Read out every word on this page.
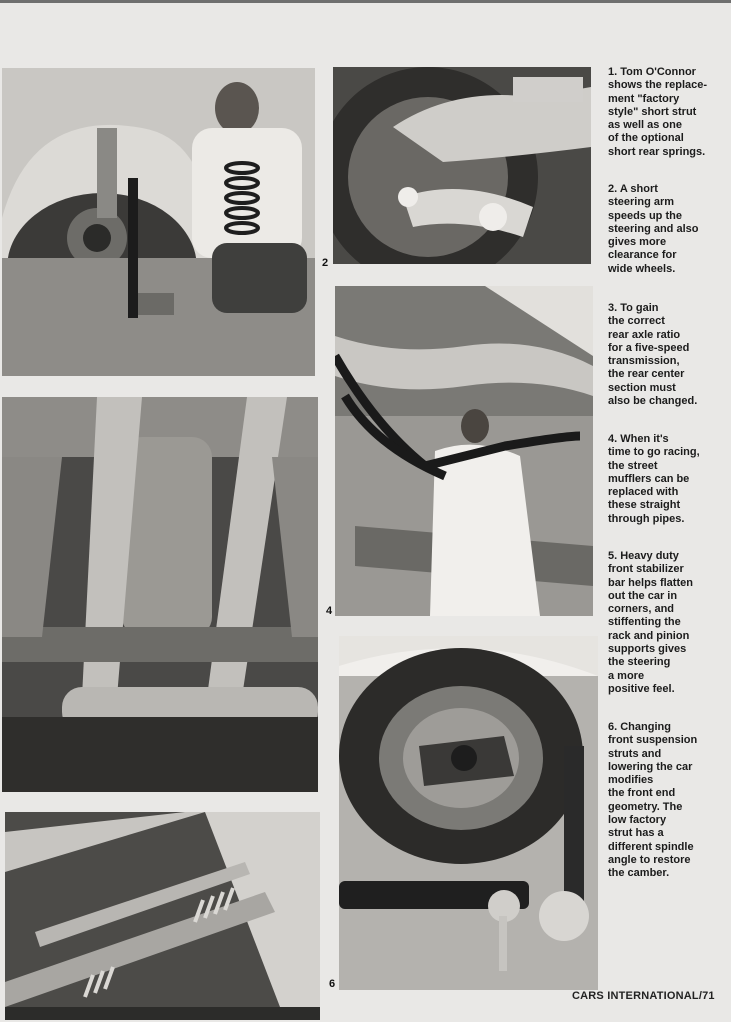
2
4
6

1. Tom O'Connor
shows the replace-
ment "factory
style" short strut
as well as one
of the optional
short rear springs.

2. A short
steering arm
speeds up the
steering and also
gives more
clearance for
wide wheels.

3. To gain
the correct
rear axle ratio
for a five-speed
transmission,
the rear center
section must
also be changed.

4. When it's
time to go racing,
the street
mufflers can be
replaced with
these straight
through pipes.

5. Heavy duty
front stabilizer
bar helps flatten
out the car in
corners, and
stiffenting the
rack and pinion
supports gives
the steering
a more
positive feel.

6. Changing
front suspension
struts and
lowering the car
modifies
the front end
geometry. The
low factory
strut has a
different spindle
angle to restore
the camber.

CARS INTERNATIONAL/71
